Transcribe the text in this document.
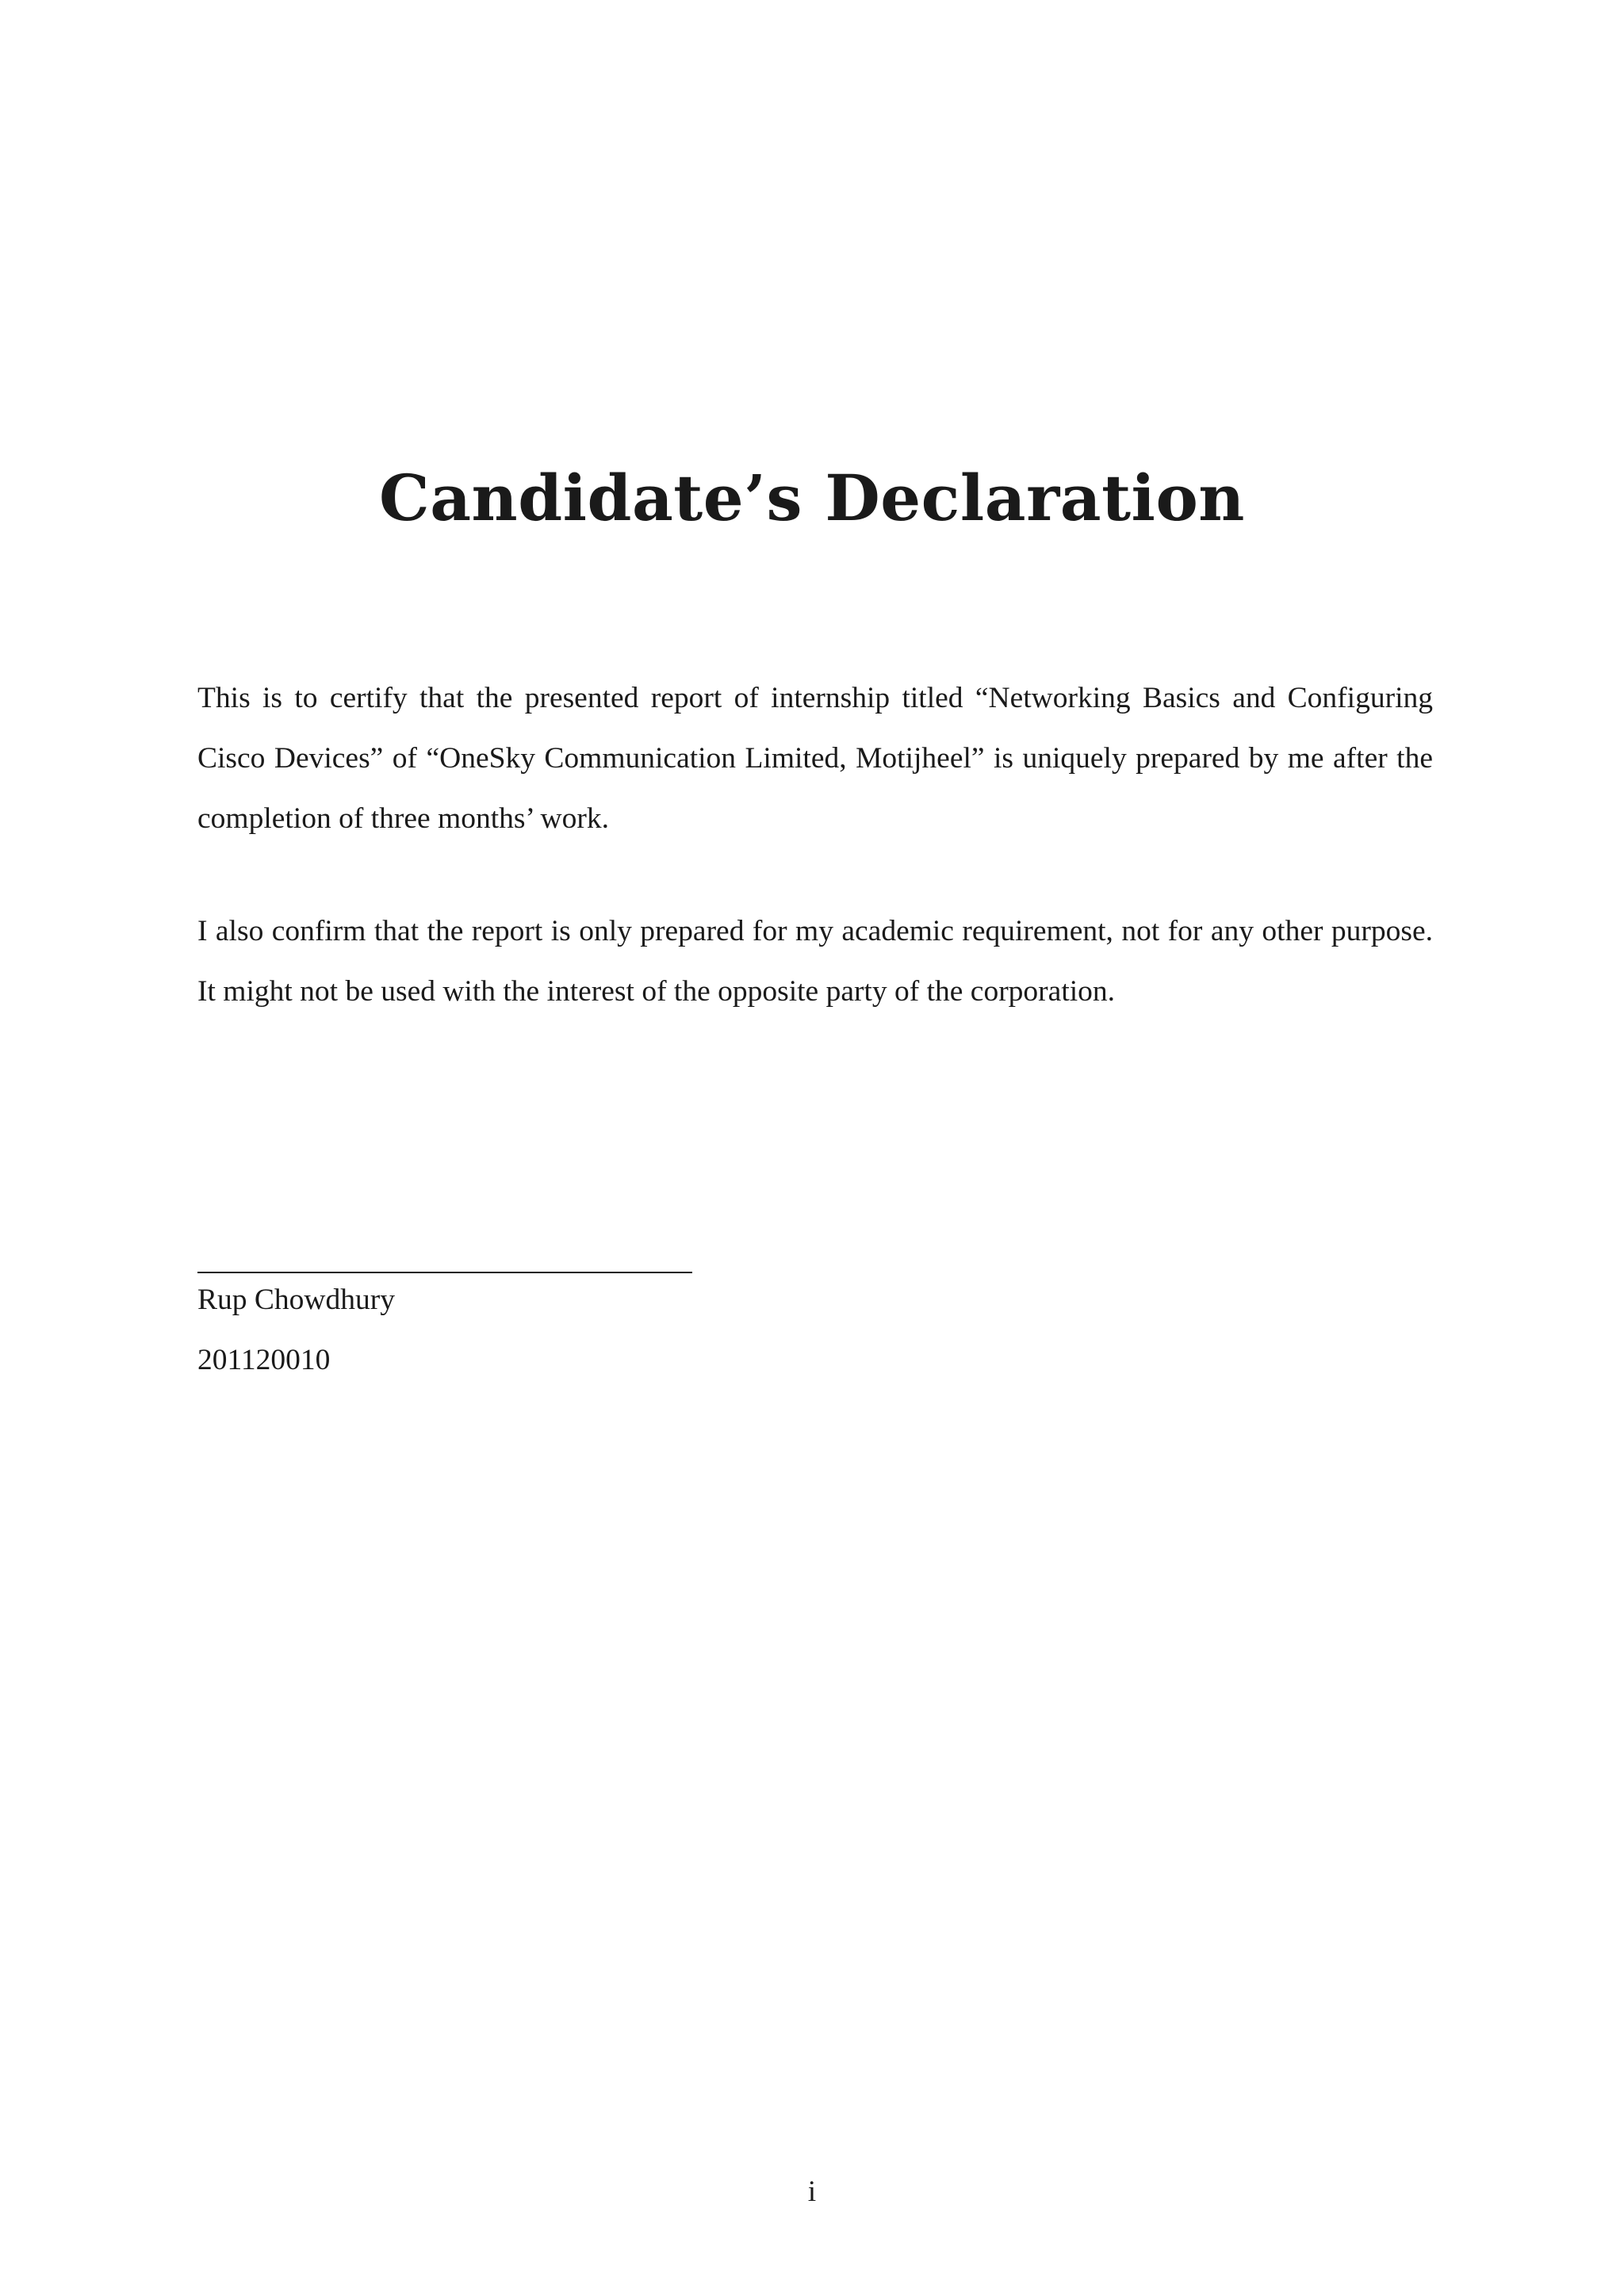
Candidate’s Declaration

This is to certify that the presented report of internship titled “Networking Basics and Configuring Cisco Devices” of “OneSky Communication Limited, Motijheel” is uniquely prepared by me after the completion of three months’ work.

I also confirm that the report is only prepared for my academic requirement, not for any other purpose. It might not be used with the interest of the opposite party of the corporation.

Rup Chowdhury

201120010

i
